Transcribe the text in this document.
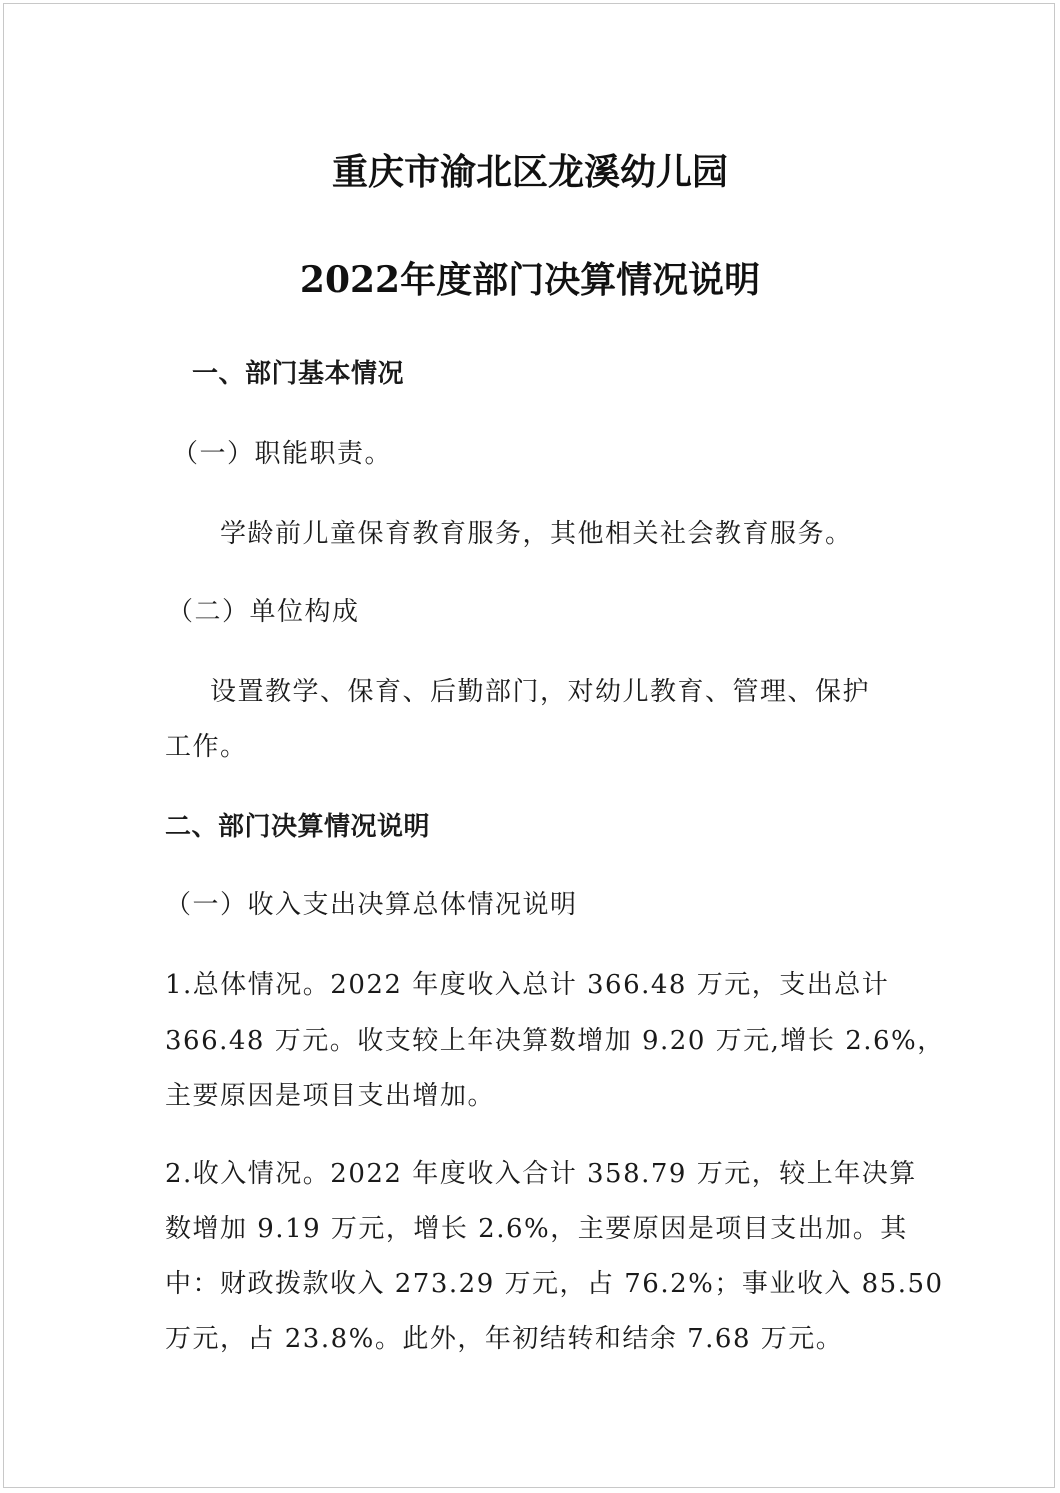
重庆市渝北区龙溪幼儿园
2022年度部门决算情况说明
一、部门基本情况
（一）职能职责。
学龄前儿童保育教育服务，其他相关社会教育服务。
（二）单位构成
设置教学、保育、后勤部门，对幼儿教育、管理、保护
工作。
二、部门决算情况说明
（一）收入支出决算总体情况说明
1.总体情况。2022 年度收入总计 366.48 万元，支出总计
366.48 万元。收支较上年决算数增加 9.20 万元,增长 2.6%，
主要原因是项目支出增加。
2.收入情况。2022 年度收入合计 358.79 万元，较上年决算
数增加 9.19 万元，增长 2.6%，主要原因是项目支出加。其
中：财政拨款收入 273.29 万元，占 76.2%；事业收入 85.50
万元，占 23.8%。此外，年初结转和结余 7.68 万元。
